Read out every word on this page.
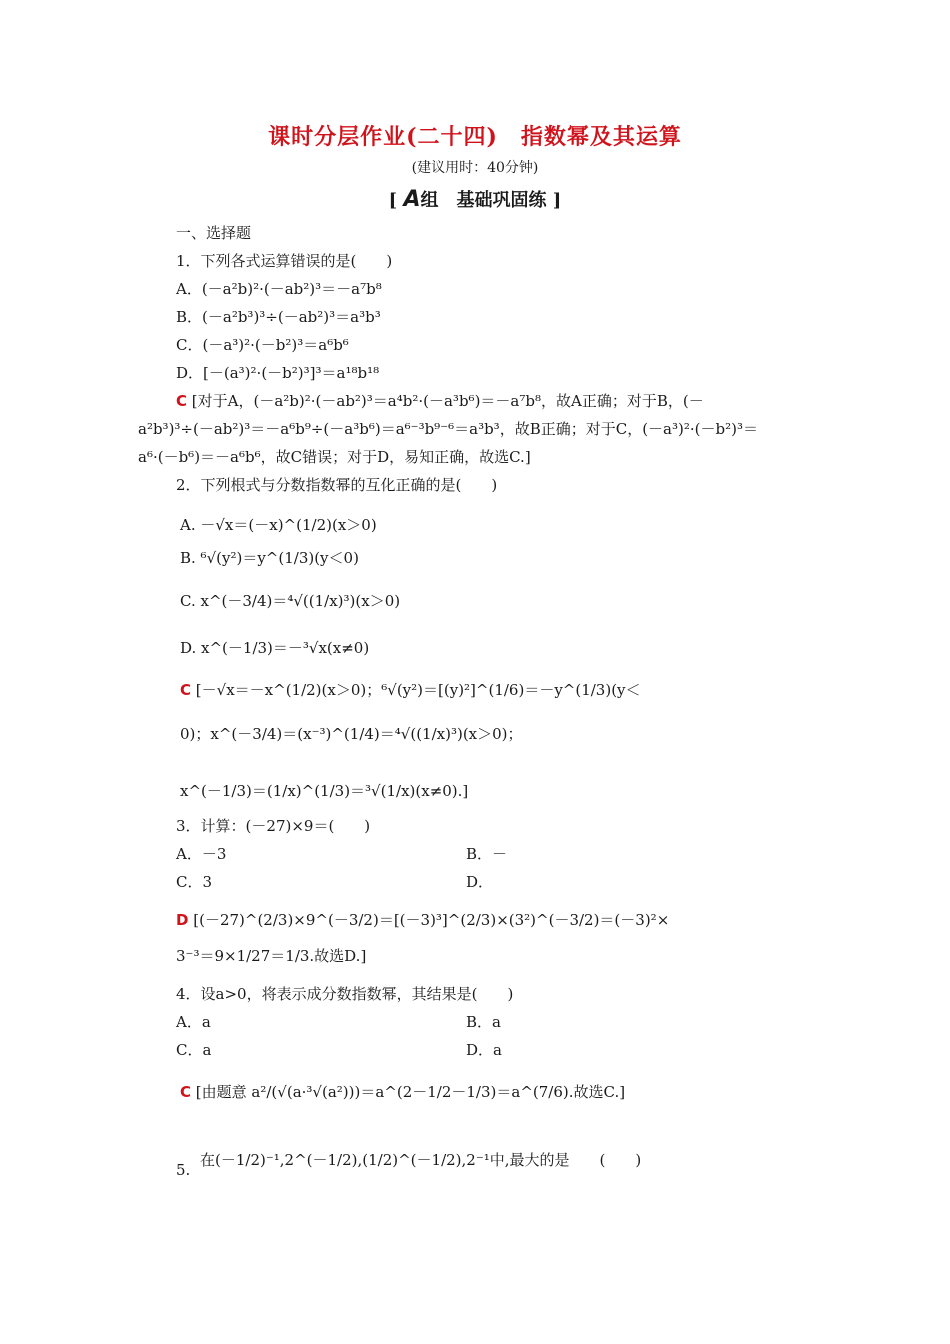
课时分层作业(二十四)　指数幂及其运算
(建议用时：40分钟)
[ A组　基础巩固练 ]
一、选择题
1．下列各式运算错误的是(　　)
A．(－a²b)²·(－ab²)³＝－a⁷b⁸
B．(－a²b³)³÷(－ab²)³＝a³b³
C．(－a³)²·(－b²)³＝a⁶b⁶
D．[－(a³)²·(－b²)³]³＝a¹⁸b¹⁸
C [对于A，(－a²b)²·(－ab²)³＝a⁴b²·(－a³b⁶)＝－a⁷b⁸，故A正确；对于B，(－
a²b³)³÷(－ab²)³＝－a⁶b⁹÷(－a³b⁶)＝a⁶⁻³b⁹⁻⁶＝a³b³，故B正确；对于C，(－a³)²·(－b²)³＝
a⁶·(－b⁶)＝－a⁶b⁶，故C错误；对于D，易知正确，故选C.]
2．下列根式与分数指数幂的互化正确的是(　　)
A. －√x＝(－x)^(1/2)(x＞0)
B. ⁶√(y²)＝y^(1/3)(y＜0)
C. x^(－3/4)＝⁴√((1/x)³)(x＞0)
D. x^(－1/3)＝－³√x(x≠0)
C [－√x＝－x^(1/2)(x＞0)；⁶√(y²)＝[(y)²]^(1/6)＝－y^(1/3)(y＜
0)；x^(－3/4)＝(x⁻³)^(1/4)＝⁴√((1/x)³)(x＞0)；
x^(－1/3)＝(1/x)^(1/3)＝³√(1/x)(x≠0).]
3．计算：(－27)×9＝(　　)
A．－3	B．－
C．3	D．
D [(－27)^(2/3)×9^(－3/2)＝[(－3)³]^(2/3)×(3²)^(－3/2)＝(－3)²×
3⁻³＝9×1/27＝1/3.故选D.]
4．设a>0，将表示成分数指数幂，其结果是(　　)
A．a	B．a
C．a	D．a
C [由题意 a²/(√(a·³√(a²)))＝a^(2－1/2－1/3)＝a^(7/6).故选C.]
5.
在(－1/2)⁻¹,2^(－1/2),(1/2)^(－1/2),2⁻¹中,最大的是　　(　　)
